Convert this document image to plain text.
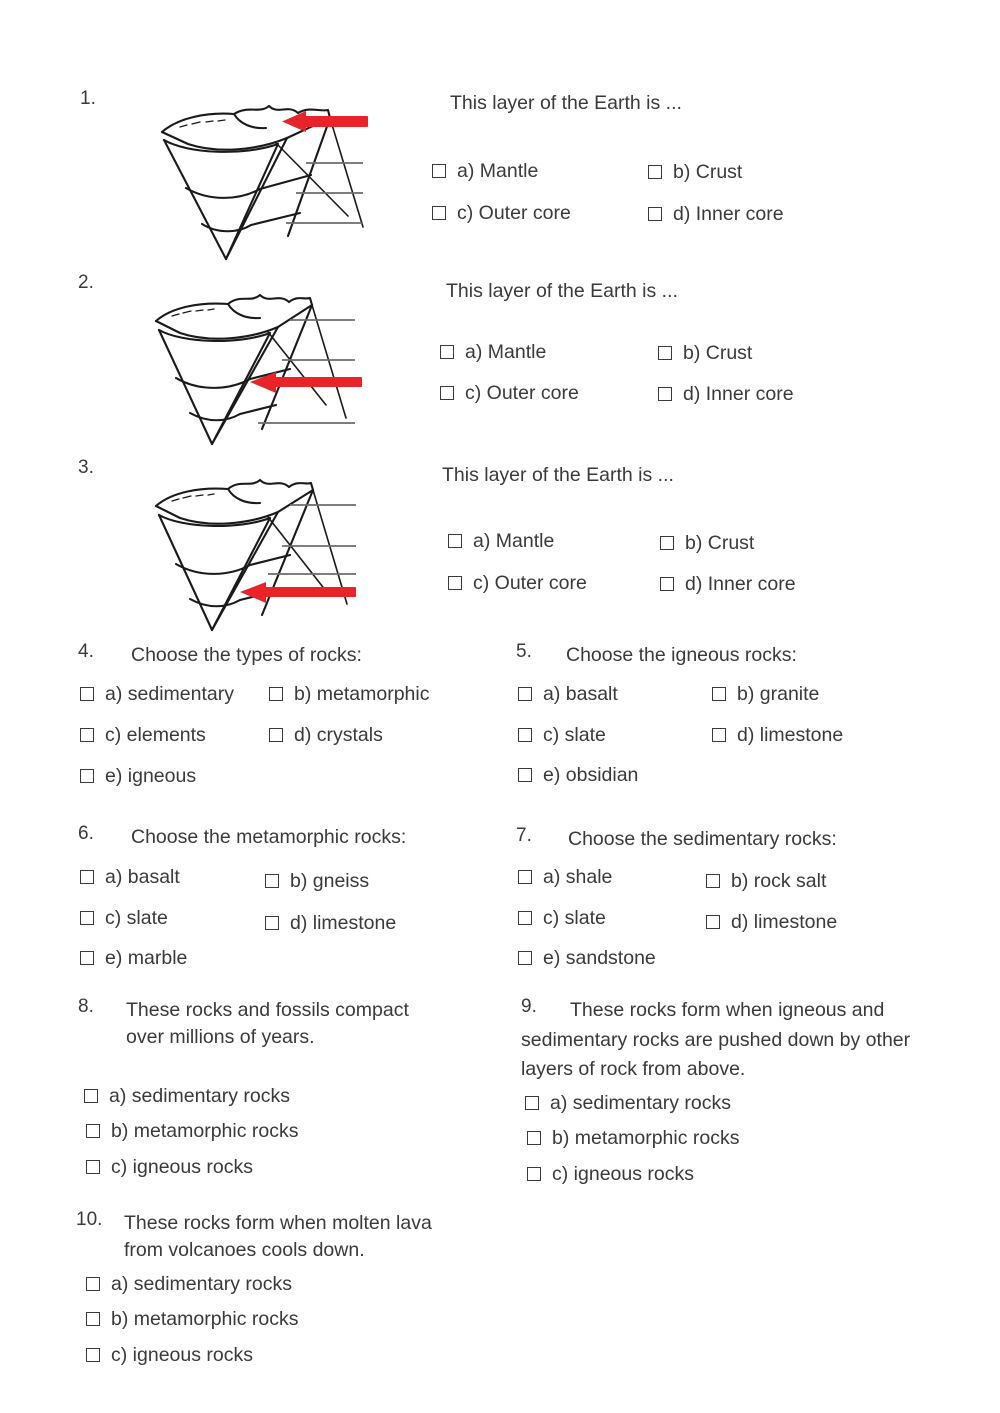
1.	This layer of the Earth is ...
a) Mantle	b) Crust
c) Outer core	d) Inner core
2.	This layer of the Earth is ...
a) Mantle	b) Crust
c) Outer core	d) Inner core
3.	This layer of the Earth is ...
a) Mantle	b) Crust
c) Outer core	d) Inner core
4. Choose the types of rocks:
a) sedimentary	b) metamorphic
c) elements	d) crystals
e) igneous
5. Choose the igneous rocks:
a) basalt	b) granite
c) slate	d) limestone
e) obsidian
6. Choose the metamorphic rocks:
a) basalt	b) gneiss
c) slate	d) limestone
e) marble
7. Choose the sedimentary rocks:
a) shale	b) rock salt
c) slate	d) limestone
e) sandstone
8. These rocks and fossils compact
over millions of years.
a) sedimentary rocks
b) metamorphic rocks
c) igneous rocks
9. These rocks form when igneous and
sedimentary rocks are pushed down by other
layers of rock from above.
a) sedimentary rocks
b) metamorphic rocks
c) igneous rocks
10. These rocks form when molten lava
from volcanoes cools down.
a) sedimentary rocks
b) metamorphic rocks
c) igneous rocks
